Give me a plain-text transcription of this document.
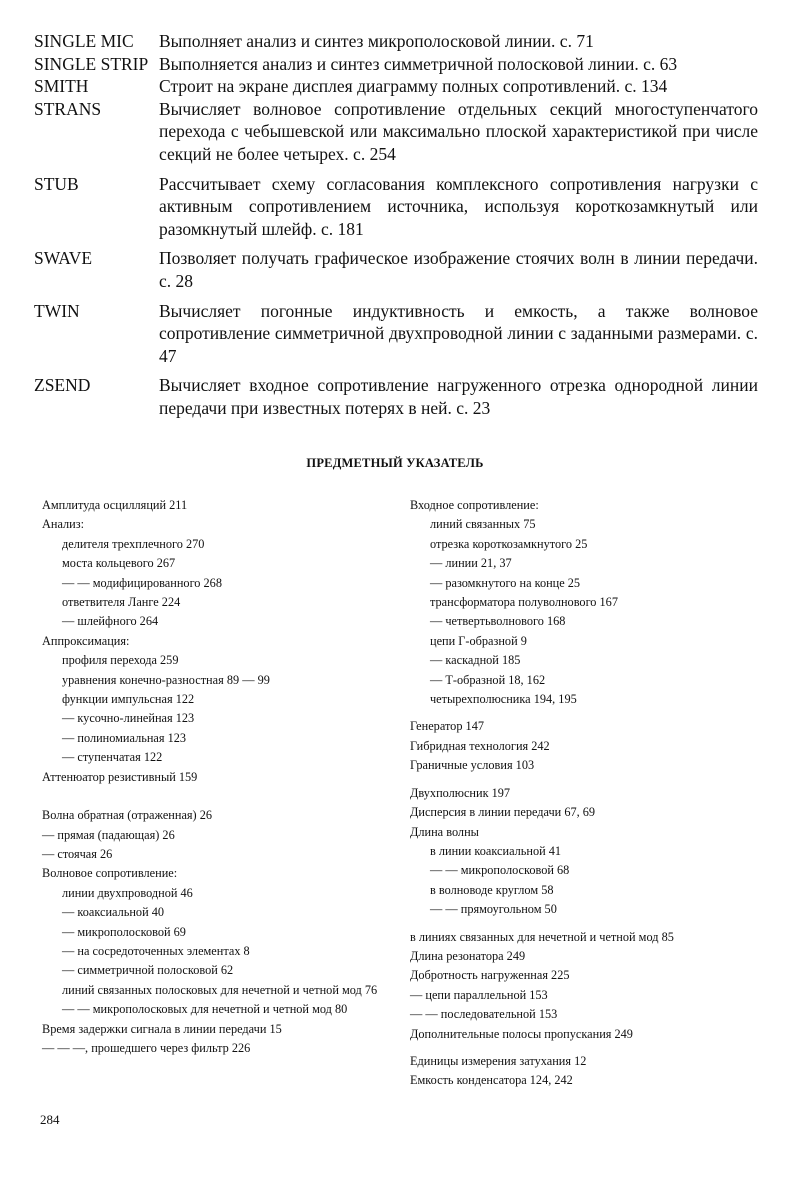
SINGLE MIC	Выполняет анализ и синтез микрополосковой линии. с. 71
SINGLE STRIP Выполняется анализ и синтез симметричной полосковой линии. с. 63
SMITH	Строит на экране дисплея диаграмму полных сопротивлений. с. 134
STRANS	Вычисляет волновое сопротивление отдельных секций многоступенчатого перехода с чебышевской или максимально плоской характеристикой при числе секций не более четырех. с. 254
STUB	Рассчитывает схему согласования комплексного сопротивления нагрузки с активным сопротивлением источника, используя короткозамкнутый или разомкнутый шлейф. с. 181
SWAVE	Позволяет получать графическое изображение стоячих волн в линии передачи. с. 28
TWIN	Вычисляет погонные индуктивность и емкость, а также волновое сопротивление симметричной двухпроводной линии с заданными размерами. с. 47
ZSEND	Вычисляет входное сопротивление нагруженного отрезка однородной линии передачи при известных потерях в ней. с. 23
ПРЕДМЕТНЫЙ УКАЗАТЕЛЬ
Амплитуда осцилляций 211
Анализ:
делителя трехплечного 270
моста кольцевого 267
— — модифицированного 268
ответвителя Ланге 224
— шлейфного 264
Аппроксимация:
профиля перехода 259
уравнения конечно-разностная 89 — 99
функции импульсная 122
— кусочно-линейная 123
— полиномиальная 123
— ступенчатая 122
Аттенюатор резистивный 159
Волна обратная (отраженная) 26
— прямая (падающая) 26
— стоячая 26
Волновое сопротивление:
линии двухпроводной 46
— коаксиальной 40
— микрополосковой 69
— на сосредоточенных элементах 8
— симметричной полосковой 62
линий связанных полосковых для нечетной и четной мод 76
— — микрополосковых для нечетной и четной мод 80
Время задержки сигнала в линии передачи 15
— — —, прошедшего через фильтр 226
Входное сопротивление:
линий связанных 75
отрезка короткозамкнутого 25
— линии 21, 37
— разомкнутого на конце 25
трансформатора полуволнового 167
— четвертьволнового 168
цепи Г-образной 9
— каскадной 185
— Т-образной 18, 162
четырехполюсника 194, 195
Генератор 147
Гибридная технология 242
Граничные условия 103
Двухполюсник 197
Дисперсия в линии передачи 67, 69
Длина волны
в линии коаксиальной 41
— — микрополосковой 68
в волноводе круглом 58
— — прямоугольном 50
в линиях связанных для нечетной и четной мод 85
Длина резонатора 249
Добротность нагруженная 225
— цепи параллельной 153
— — последовательной 153
Дополнительные полосы пропускания 249
Единицы измерения затухания 12
Емкость конденсатора 124, 242
284
